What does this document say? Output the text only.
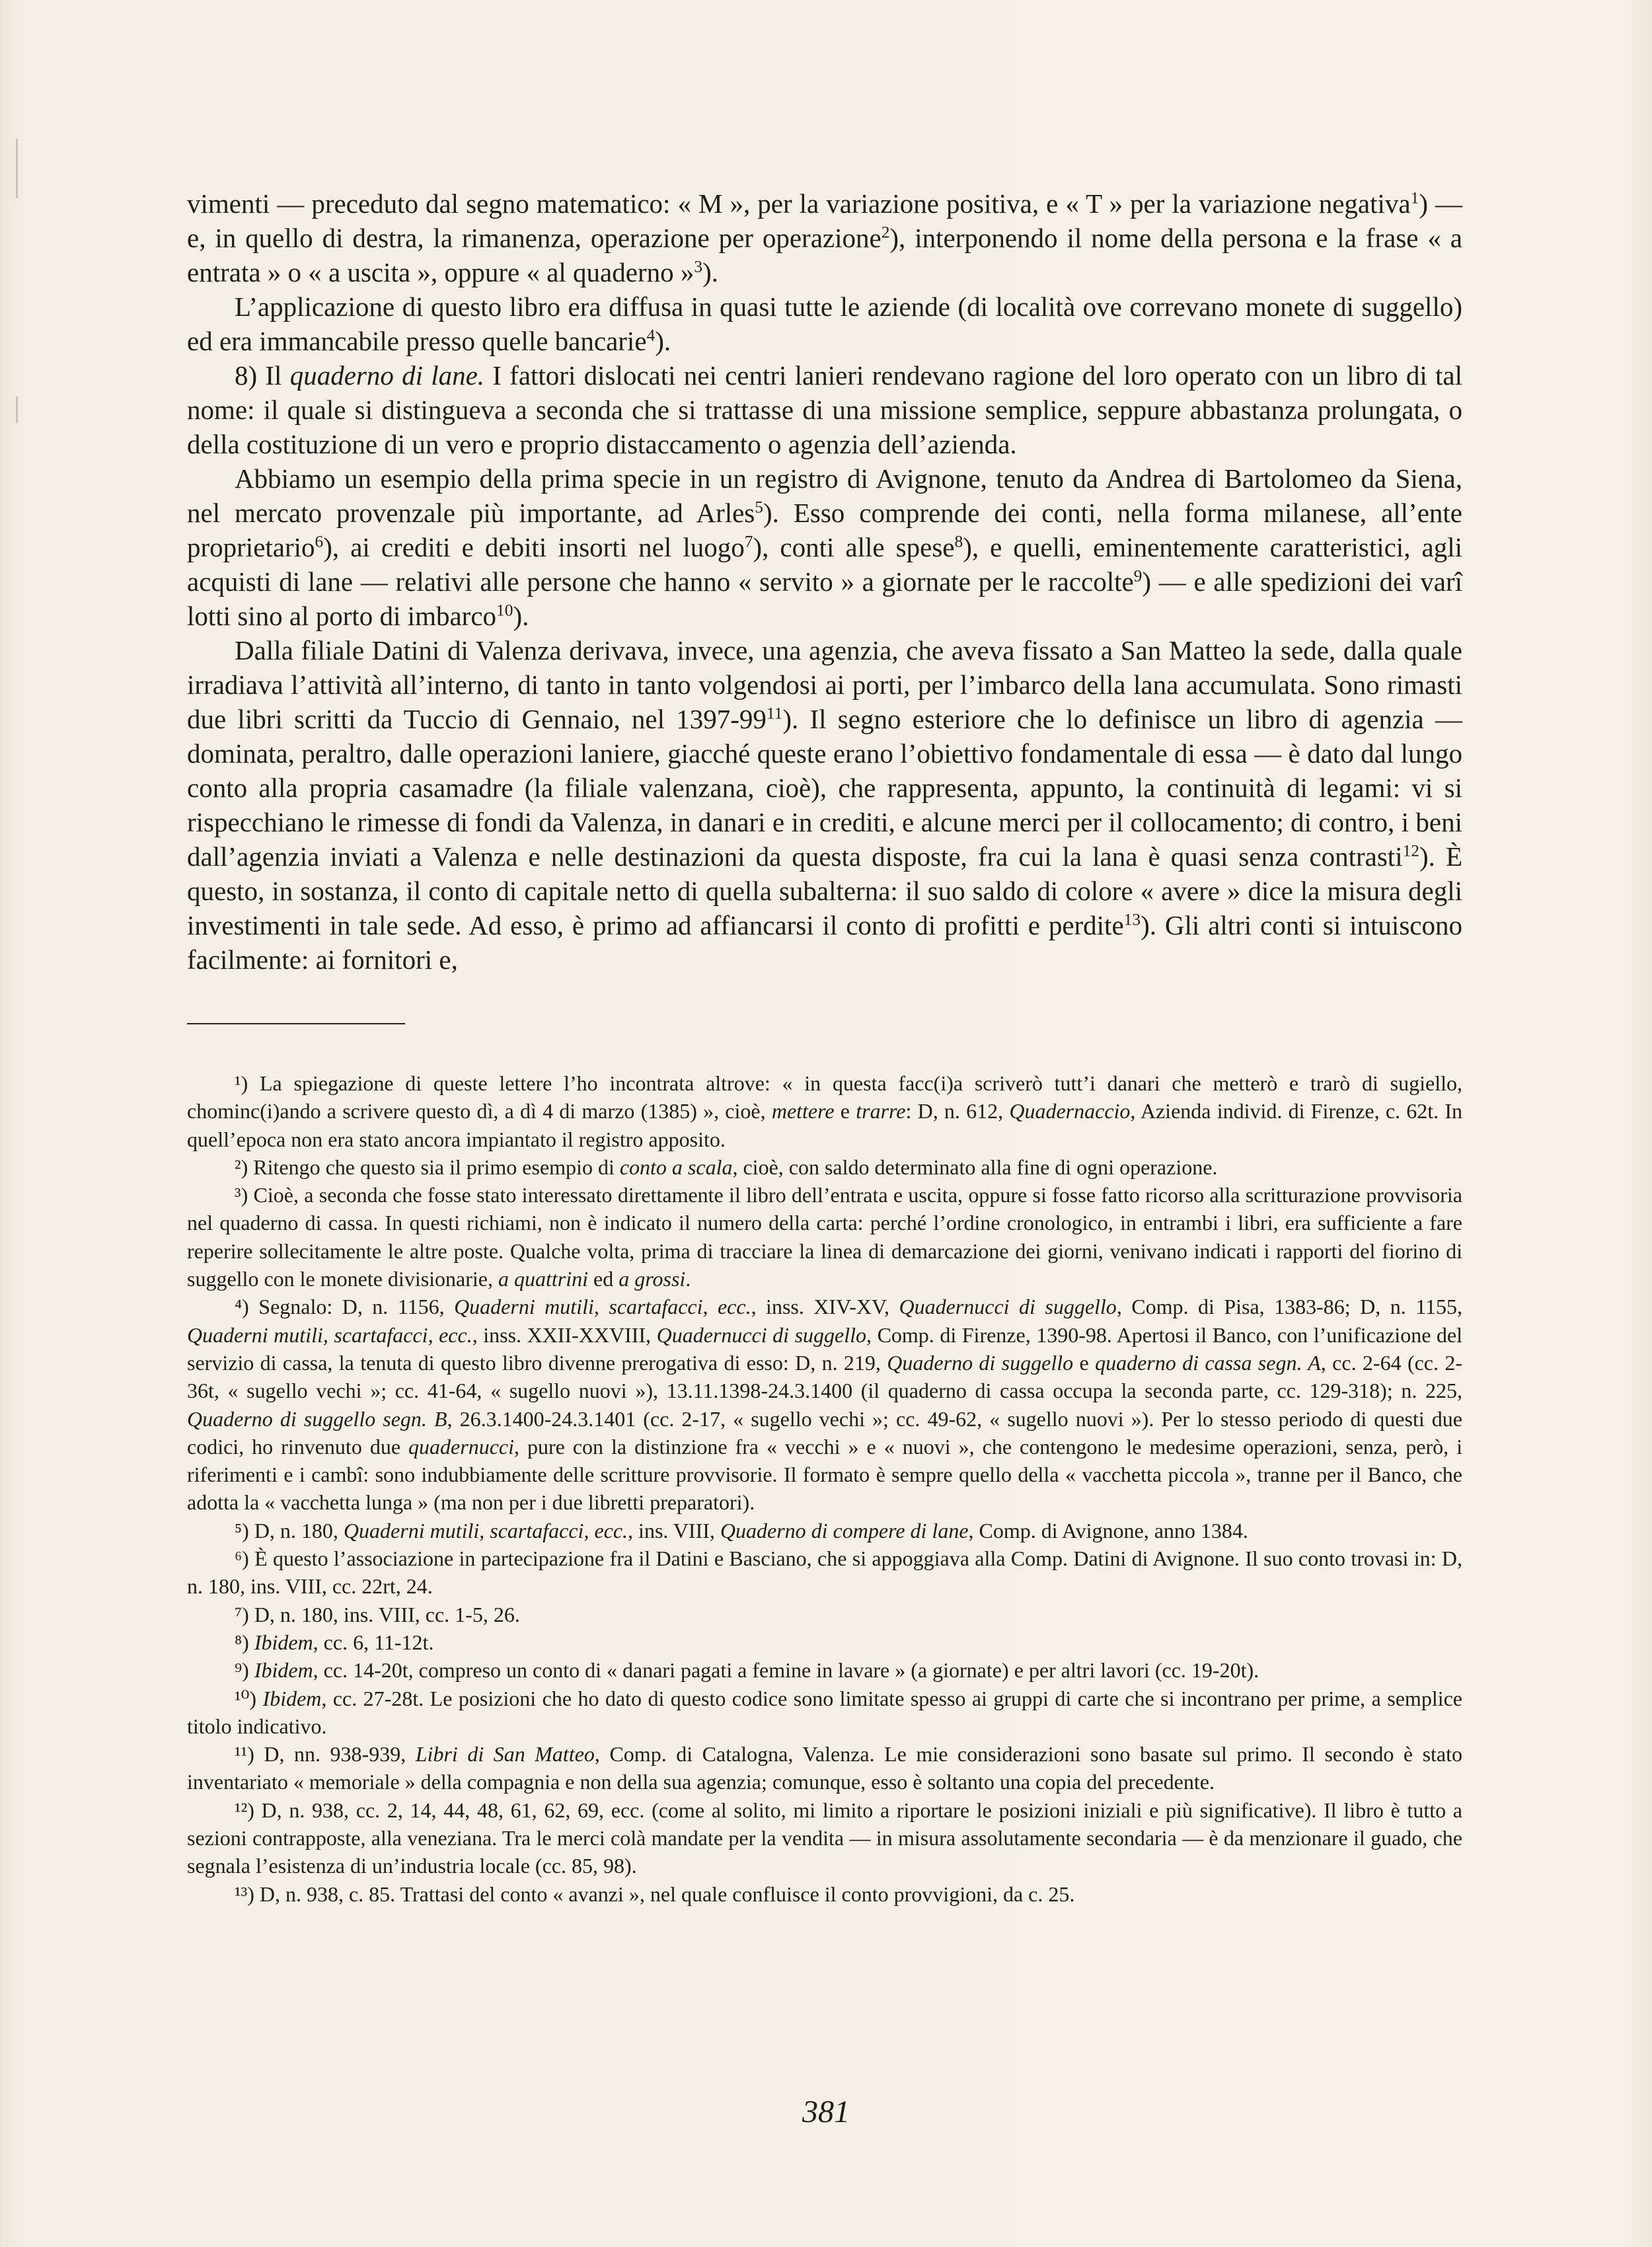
vimenti — preceduto dal segno matematico: « M », per la variazione positiva, e « T » per la variazione negativa$^1$) — e, in quello di destra, la rimanenza, operazione per operazione$^2$), interponendo il nome della persona e la frase « a entrata » o « a uscita », oppure « al quaderno »$^3$).

L’applicazione di questo libro era diffusa in quasi tutte le aziende (di località ove correvano monete di suggello) ed era immancabile presso quelle bancarie$^4$).

8) Il quaderno di lane. I fattori dislocati nei centri lanieri rendevano ragione del loro operato con un libro di tal nome: il quale si distingueva a seconda che si trattasse di una missione semplice, seppure abbastanza prolungata, o della costituzione di un vero e proprio distaccamento o agenzia dell’azienda.

Abbiamo un esempio della prima specie in un registro di Avignone, tenuto da Andrea di Bartolomeo da Siena, nel mercato provenzale più importante, ad Arles$^5$). Esso comprende dei conti, nella forma milanese, all’ente proprietario$^6$), ai crediti e debiti insorti nel luogo$^7$), conti alle spese$^8$), e quelli, eminentemente caratteristici, agli acquisti di lane — relativi alle persone che hanno « servito » a giornate per le raccolte$^9$) — e alle spedizioni dei varî lotti sino al porto di imbarco$^{10}$).

Dalla filiale Datini di Valenza derivava, invece, una agenzia, che aveva fissato a San Matteo la sede, dalla quale irradiava l’attività all’interno, di tanto in tanto volgendosi ai porti, per l’imbarco della lana accumulata. Sono rimasti due libri scritti da Tuccio di Gennaio, nel $1397-99^{11}$). Il segno esteriore che lo definisce un libro di agenzia — dominata, peraltro, dalle operazioni laniere, giacché queste erano l’obiettivo fondamentale di essa — è dato dal lungo conto alla propria casamadre (la filiale valenzana, cioè), che rappresenta, appunto, la continuità di legami: vi si rispecchiano le rimesse di fondi da Valenza, in danari e in crediti, e alcune merci per il collocamento; di contro, i beni dall’agenzia inviati a Valenza e nelle destinazioni da questa disposte, fra cui la lana è quasi senza contrasti$^{12}$). È questo, in sostanza, il conto di capitale netto di quella subalterna: il suo saldo di colore « avere » dice la misura degli investimenti in tale sede. Ad esso, è primo ad affiancarsi il conto di profitti e perdite$^{13}$). Gli altri conti si intuiscono facilmente: ai fornitori e,

¹) La spiegazione di queste lettere l’ho incontrata altrove: « in questa facc(i)a scriverò tutt’i danari che metterò e trarò di sugiello, chominc(i)ando a scrivere questo dì, a dì 4 di marzo (1385) », cioè, mettere e trarre: D, n. 612, Quadernaccio, Azienda individ. di Firenze, c. 62t. In quell’epoca non era stato ancora impiantato il registro apposito.

²) Ritengo che questo sia il primo esempio di conto a scala, cioè, con saldo determinato alla fine di ogni operazione.

³) Cioè, a seconda che fosse stato interessato direttamente il libro dell’entrata e uscita, oppure si fosse fatto ricorso alla scritturazione provvisoria nel quaderno di cassa. In questi richiami, non è indicato il numero della carta: perché l’ordine cronologico, in entrambi i libri, era sufficiente a fare reperire sollecitamente le altre poste. Qualche volta, prima di tracciare la linea di demarcazione dei giorni, venivano indicati i rapporti del fiorino di suggello con le monete divisionarie, a quattrini ed a grossi.

⁴) Segnalo: D, n. 1156, Quaderni mutili, scartafacci, ecc., inss. XIV-XV, Quadernucci di suggello, Comp. di Pisa, 1383-86; D, n. 1155, Quaderni mutili, scartafacci, ecc., inss. XXII-XXVIII, Quadernucci di suggello, Comp. di Firenze, 1390-98. Apertosi il Banco, con l’unificazione del servizio di cassa, la tenuta di questo libro divenne prerogativa di esso: D, n. 219, Quaderno di suggello e quaderno di cassa segn. A, cc. 2-64 (cc. 2-36t, « sugello vechi »; cc. 41-64, « sugello nuovi »), 13.11.1398-24.3.1400 (il quaderno di cassa occupa la seconda parte, cc. 129-318); n. 225, Quaderno di suggello segn. B, 26.3.1400-24.3.1401 (cc. 2-17, « sugello vechi »; cc. 49-62, « sugello nuovi »). Per lo stesso periodo di questi due codici, ho rinvenuto due quadernucci, pure con la distinzione fra « vecchi » e « nuovi », che contengono le medesime operazioni, senza, però, i riferimenti e i cambî: sono indubbiamente delle scritture provvisorie. Il formato è sempre quello della « vacchetta piccola », tranne per il Banco, che adotta la « vacchetta lunga » (ma non per i due libretti preparatori).

⁵) D, n. 180, Quaderni mutili, scartafacci, ecc., ins. VIII, Quaderno di compere di lane, Comp. di Avignone, anno 1384.

⁶) È questo l’associazione in partecipazione fra il Datini e Basciano, che si appoggiava alla Comp. Datini di Avignone. Il suo conto trovasi in: D, n. 180, ins. VIII, cc. 22rt, 24.

⁷) D, n. 180, ins. VIII, cc. 1-5, 26.

⁸) Ibidem, cc. 6, 11-12t.

⁹) Ibidem, cc. 14-20t, compreso un conto di « danari pagati a femine in lavare » (a giornate) e per altri lavori (cc. 19-20t).

¹⁰) Ibidem, cc. 27-28t. Le posizioni che ho dato di questo codice sono limitate spesso ai gruppi di carte che si incontrano per prime, a semplice titolo indicativo.

¹¹) D, nn. 938-939, Libri di San Matteo, Comp. di Catalogna, Valenza. Le mie considerazioni sono basate sul primo. Il secondo è stato inventariato « memoriale » della compagnia e non della sua agenzia; comunque, esso è soltanto una copia del precedente.

¹²) D, n. 938, cc. 2, 14, 44, 48, 61, 62, 69, ecc. (come al solito, mi limito a riportare le posizioni iniziali e più significative). Il libro è tutto a sezioni contrapposte, alla veneziana. Tra le merci colà mandate per la vendita — in misura assolutamente secondaria — è da menzionare il guado, che segnala l’esistenza di un’industria locale (cc. 85, 98).

¹³) D, n. 938, c. 85. Trattasi del conto « avanzi », nel quale confluisce il conto provvigioni, da c. 25.

381
